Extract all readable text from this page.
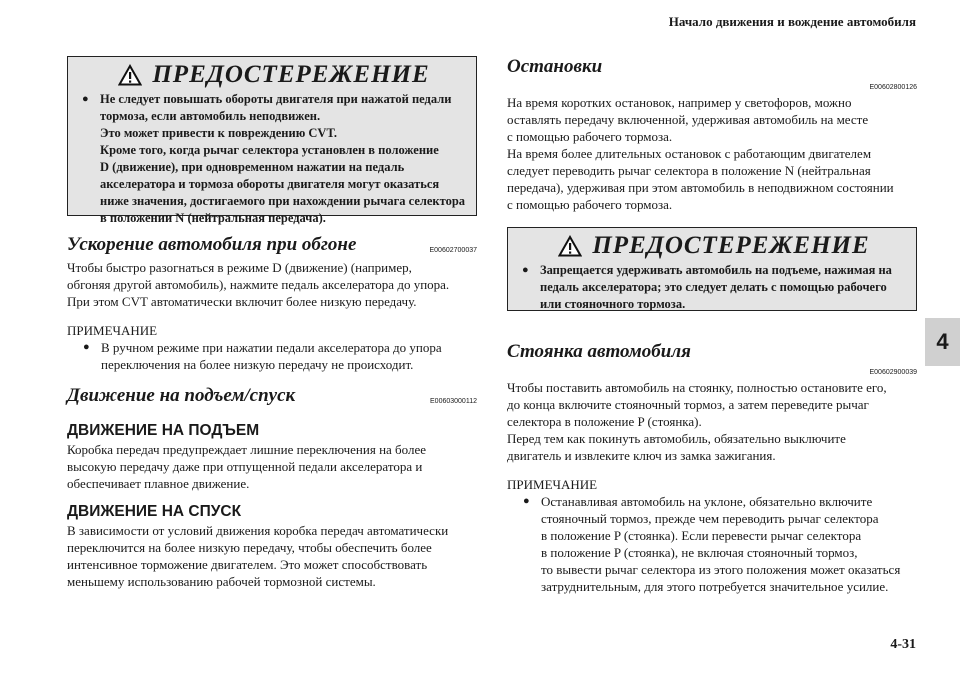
Начало движения и вождение автомобиля
4
4-31
ПРЕДОСТЕРЕЖЕНИЕ
● Не следует повышать обороты двигателя при нажатой педали
тормоза, если автомобиль неподвижен.
Это может привести к повреждению CVT.
Кроме того, когда рычаг селектора установлен в положение
D (движение), при одновременном нажатии на педаль
акселератора и тормоза обороты двигателя могут оказаться
ниже значения, достигаемого при нахождении рычага селектора
в положении N (нейтральная передача).
Ускорение автомобиля при обгоне	E00602700037

Чтобы быстро разогнаться в режиме D (движение) (например,
обгоняя другой автомобиль), нажмите педаль акселератора до упора.
При этом CVT автоматически включит более низкую передачу.

ПРИМЕЧАНИЕ
● В ручном режиме при нажатии педали акселератора до упора
переключения на более низкую передачу не происходит.
Движение на подъем/спуск	E00603000112
ДВИЖЕНИЕ НА ПОДЪЕМ

Коробка передач предупреждает лишние переключения на более
высокую передачу даже при отпущенной педали акселератора и
обеспечивает плавное движение.

ДВИЖЕНИЕ НА СПУСК

В зависимости от условий движения коробка передач автоматически
переключится на более низкую передачу, чтобы обеспечить более
интенсивное торможение двигателем. Это может способствовать
меньшему использованию рабочей тормозной системы.

Остановки
E00602800126

На время коротких остановок, например у светофоров, можно
оставлять передачу включенной, удерживая автомобиль на месте
с помощью рабочего тормоза.
На время более длительных остановок с работающим двигателем
следует переводить рычаг селектора в положение N (нейтральная
передача), удерживая при этом автомобиль в неподвижном состоянии
с помощью рабочего тормоза.

ПРЕДОСТЕРЕЖЕНИЕ
● Запрещается удерживать автомобиль на подъеме, нажимая на
педаль акселератора; это следует делать с помощью рабочего
или стояночного тормоза.
Стоянка автомобиля
E00602900039

Чтобы поставить автомобиль на стоянку, полностью остановите его,
до конца включите стояночный тормоз, а затем переведите рычаг
селектора в положение P (стоянка).
Перед тем как покинуть автомобиль, обязательно выключите
двигатель и извлеките ключ из замка зажигания.

ПРИМЕЧАНИЕ
● Останавливая автомобиль на уклоне, обязательно включите
стояночный тормоз, прежде чем переводить рычаг селектора
в положение P (стоянка). Если перевести рычаг селектора
в положение P (стоянка), не включая стояночный тормоз,
то вывести рычаг селектора из этого положения может оказаться
затруднительным, для этого потребуется значительное усилие.
